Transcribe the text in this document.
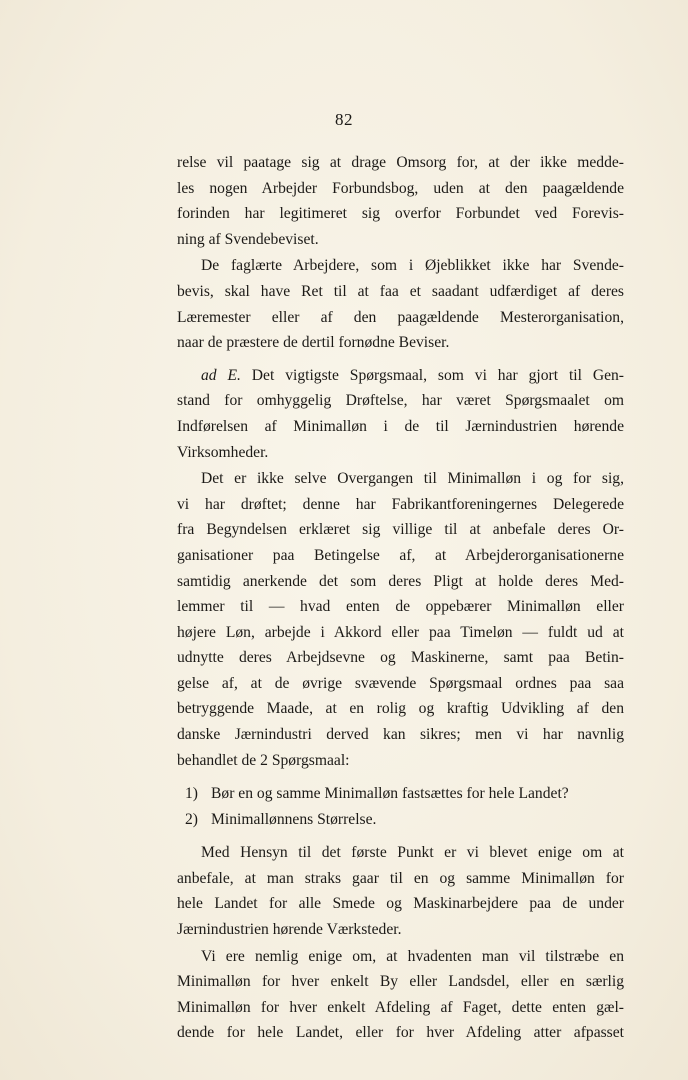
82
relse vil paatage sig at drage Omsorg for, at der ikke medde-
les nogen Arbejder Forbundsbog, uden at den paagældende
forinden har legitimeret sig overfor Forbundet ved Forevis-
ning af Svendebeviset.
De faglærte Arbejdere, som i Øjeblikket ikke har Svende-
bevis, skal have Ret til at faa et saadant udfærdiget af deres
Læremester eller af den paagældende Mesterorganisation,
naar de præstere de dertil fornødne Beviser.
ad E. Det vigtigste Spørgsmaal, som vi har gjort til Gen-
stand for omhyggelig Drøftelse, har været Spørgsmaalet om
Indførelsen af Minimalløn i de til Jærnindustrien hørende
Virksomheder.
Det er ikke selve Overgangen til Minimalløn i og for sig,
vi har drøftet; denne har Fabrikantforeningernes Delegerede
fra Begyndelsen erklæret sig villige til at anbefale deres Or-
ganisationer paa Betingelse af, at Arbejderorganisationerne
samtidig anerkende det som deres Pligt at holde deres Med-
lemmer til — hvad enten de oppebærer Minimalløn eller
højere Løn, arbejde i Akkord eller paa Timeløn — fuldt ud at
udnytte deres Arbejdsevne og Maskinerne, samt paa Betin-
gelse af, at de øvrige svævende Spørgsmaal ordnes paa saa
betryggende Maade, at en rolig og kraftig Udvikling af den
danske Jærnindustri derved kan sikres; men vi har navnlig
behandlet de 2 Spørgsmaal:
1) Bør en og samme Minimalløn fastsættes for hele Landet?
2) Minimallønnens Størrelse.
Med Hensyn til det første Punkt er vi blevet enige om at
anbefale, at man straks gaar til en og samme Minimalløn for
hele Landet for alle Smede og Maskinarbejdere paa de under
Jærnindustrien hørende Værksteder.
Vi ere nemlig enige om, at hvadenten man vil tilstræbe en
Minimalløn for hver enkelt By eller Landsdel, eller en særlig
Minimalløn for hver enkelt Afdeling af Faget, dette enten gæl-
dende for hele Landet, eller for hver Afdeling atter afpasset
